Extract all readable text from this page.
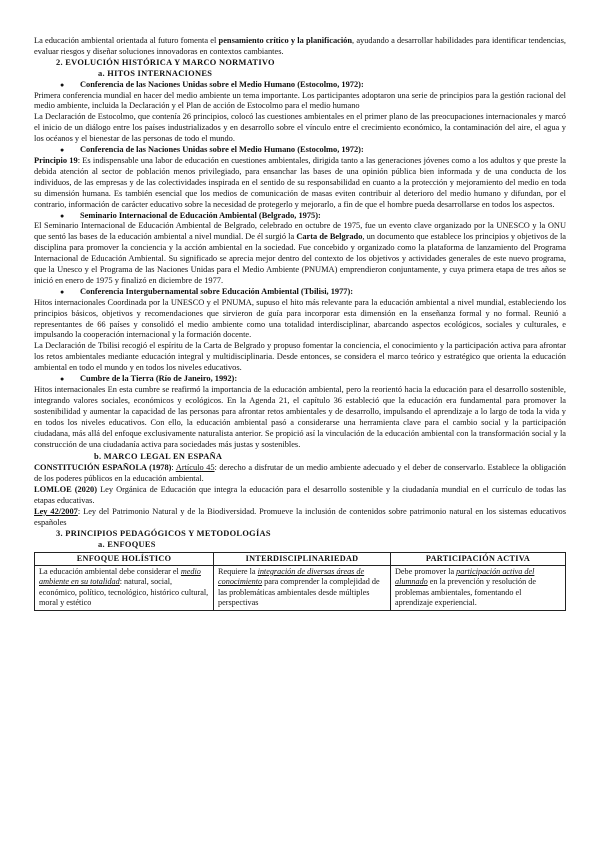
La educación ambiental orientada al futuro fomenta el pensamiento crítico y la planificación, ayudando a desarrollar habilidades para identificar tendencias, evaluar riesgos y diseñar soluciones innovadoras en contextos cambiantes.

2. EVOLUCIÓN HISTÓRICA Y MARCO NORMATIVO
a. HITOS INTERNACIONES
● Conferencia de las Naciones Unidas sobre el Medio Humano (Estocolmo, 1972):

Primera conferencia mundial en hacer del medio ambiente un tema importante. Los participantes adoptaron una serie de principios para la gestión racional del medio ambiente, incluida la Declaración y el Plan de acción de Estocolmo para el medio humano

La Declaración de Estocolmo, que contenía 26 principios, colocó las cuestiones ambientales en el primer plano de las preocupaciones internacionales y marcó el inicio de un diálogo entre los países industrializados y en desarrollo sobre el vínculo entre el crecimiento económico, la contaminación del aire, el agua y los océanos y el bienestar de las personas de todo el mundo.

● Conferencia de las Naciones Unidas sobre el Medio Humano (Estocolmo, 1972):

Principio 19: Es indispensable una labor de educación en cuestiones ambientales, dirigida tanto a las generaciones jóvenes como a los adultos y que preste la debida atención al sector de población menos privilegiado, para ensanchar las bases de una opinión pública bien informada y de una conducta de los individuos, de las empresas y de las colectividades inspirada en el sentido de su responsabilidad en cuanto a la protección y mejoramiento del medio en toda su dimensión humana. Es también esencial que los medios de comunicación de masas eviten contribuir al deterioro del medio humano y difundan, por el contrario, información de carácter educativo sobre la necesidad de protegerlo y mejorarlo, a fin de que el hombre pueda desarrollarse en todos los aspectos.

● Seminario Internacional de Educación Ambiental (Belgrado, 1975):

El Seminario Internacional de Educación Ambiental de Belgrado, celebrado en octubre de 1975, fue un evento clave organizado por la UNESCO y la ONU que sentó las bases de la educación ambiental a nivel mundial. De él surgió la Carta de Belgrado, un documento que establece los principios y objetivos de la disciplina para promover la conciencia y la acción ambiental en la sociedad. Fue concebido y organizado como la plataforma de lanzamiento del Programa Internacional de Educación Ambiental. Su significado se aprecia mejor dentro del contexto de los objetivos y actividades generales de este nuevo programa, que la Unesco y el Programa de las Naciones Unidas para el Medio Ambiente (PNUMA) emprendieron conjuntamente, y cuya primera etapa de tres años se inició en enero de 1975 y finalizó en diciembre de 1977.

● Conferencia Intergubernamental sobre Educación Ambiental (Tbilisi, 1977):

Hitos internacionales Coordinada por la UNESCO y el PNUMA, supuso el hito más relevante para la educación ambiental a nivel mundial, estableciendo los principios básicos, objetivos y recomendaciones que sirvieron de guía para incorporar esta dimensión en la enseñanza formal y no formal. Reunió a representantes de 66 países y consolidó el medio ambiente como una totalidad interdisciplinar, abarcando aspectos ecológicos, sociales y culturales, e impulsando la cooperación internacional y la formación docente.

La Declaración de Tbilisi recogió el espíritu de la Carta de Belgrado y propuso fomentar la conciencia, el conocimiento y la participación activa para afrontar los retos ambientales mediante educación integral y multidisciplinaria. Desde entonces, se considera el marco teórico y estratégico que orienta la educación ambiental en todo el mundo y en todos los niveles educativos.

● Cumbre de la Tierra (Río de Janeiro, 1992):

Hitos internacionales En esta cumbre se reafirmó la importancia de la educación ambiental, pero la reorientó hacia la educación para el desarrollo sostenible, integrando valores sociales, económicos y ecológicos. En la Agenda 21, el capítulo 36 estableció que la educación era fundamental para promover la sostenibilidad y aumentar la capacidad de las personas para afrontar retos ambientales y de desarrollo, impulsando el aprendizaje a lo largo de toda la vida y en todos los niveles educativos. Con ello, la educación ambiental pasó a considerarse una herramienta clave para el cambio social y la participación ciudadana, más allá del enfoque exclusivamente naturalista anterior. Se propició así la vinculación de la educación ambiental con la transformación social y la construcción de una ciudadanía activa para sociedades más justas y sostenibles.

b. MARCO LEGAL EN ESPAÑA

CONSTITUCIÓN ESPAÑOLA (1978): Artículo 45: derecho a disfrutar de un medio ambiente adecuado y el deber de conservarlo. Establece la obligación de los poderes públicos en la educación ambiental.

LOMLOE (2020) Ley Orgánica de Educación que integra la educación para el desarrollo sostenible y la ciudadanía mundial en el currículo de todas las etapas educativas.

Ley 42/2007: Ley del Patrimonio Natural y de la Biodiversidad. Promueve la inclusión de contenidos sobre patrimonio natural en los sistemas educativos españoles

3. PRINCIPIOS PEDAGÓGICOS Y METODOLOGÍAS
a. ENFOQUES
ENFOQUE HOLÍSTICO	INTERDISCIPLINARIEDAD	PARTICIPACIÓN ACTIVA
La educación ambiental debe considerar el medio ambiente en su totalidad: natural, social, económico, político, tecnológico, histórico cultural, moral y estético	Requiere la integración de diversas áreas de conocimiento para comprender la complejidad de las problemáticas ambientales desde múltiples perspectivas	Debe promover la participación activa del alumnado en la prevención y resolución de problemas ambientales, fomentando el aprendizaje experiencial.
